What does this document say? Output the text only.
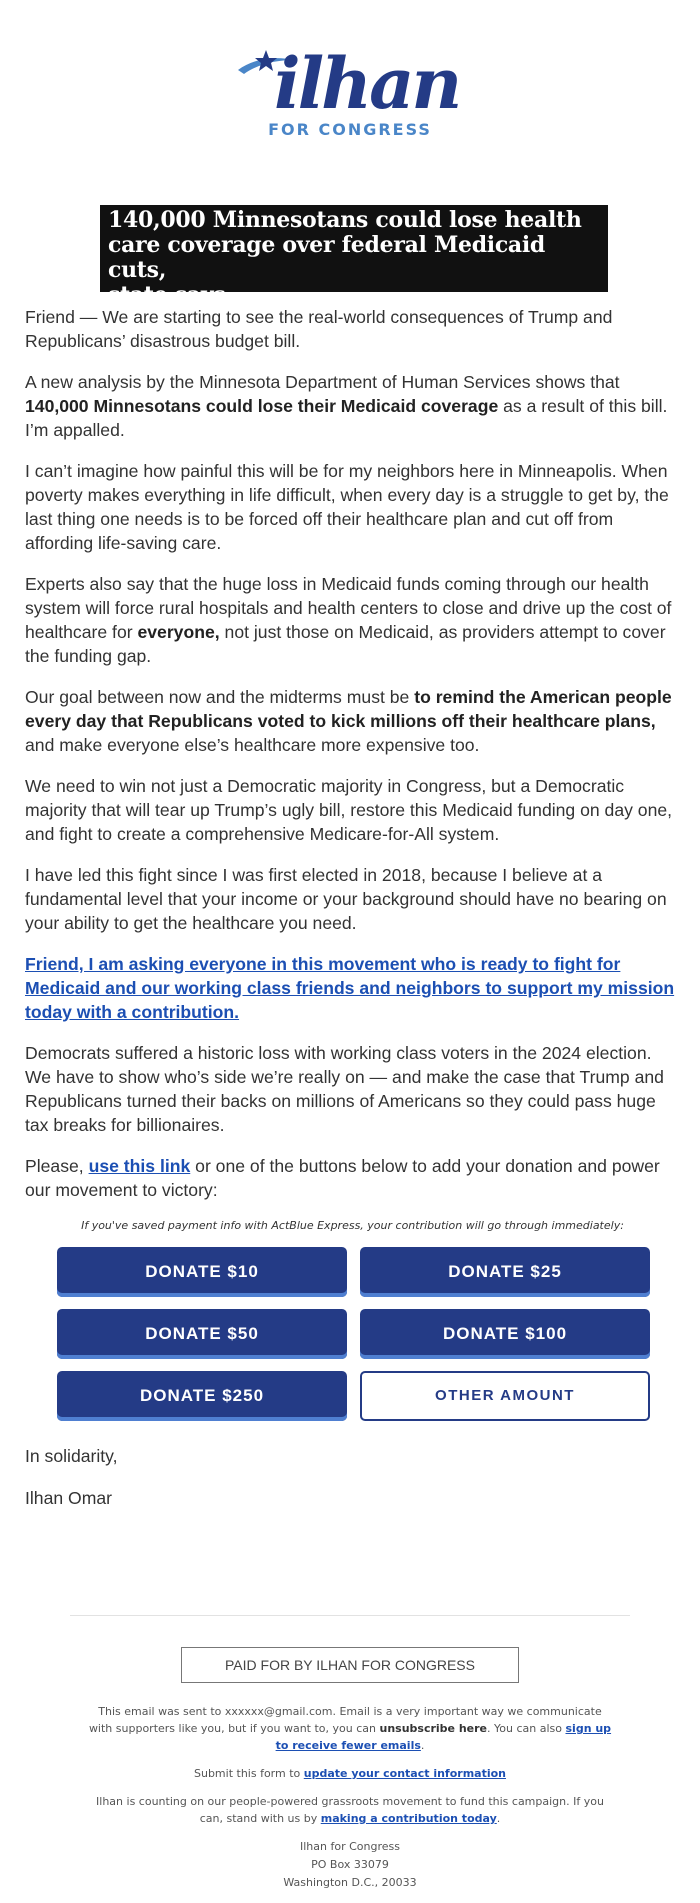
ilhan
FOR CONGRESS
140,000 Minnesotans could lose health
care coverage over federal Medicaid cuts,
state says

Friend — We are starting to see the real-world consequences of Trump and Republicans’ disastrous budget bill.

A new analysis by the Minnesota Department of Human Services shows that 140,000 Minnesotans could lose their Medicaid coverage as a result of this bill. I’m appalled.

I can’t imagine how painful this will be for my neighbors here in Minneapolis. When poverty makes everything in life difficult, when every day is a struggle to get by, the last thing one needs is to be forced off their healthcare plan and cut off from affording life-saving care.

Experts also say that the huge loss in Medicaid funds coming through our health system will force rural hospitals and health centers to close and drive up the cost of healthcare for everyone, not just those on Medicaid, as providers attempt to cover the funding gap.

Our goal between now and the midterms must be to remind the American people every day that Republicans voted to kick millions off their healthcare plans, and make everyone else’s healthcare more expensive too.

We need to win not just a Democratic majority in Congress, but a Democratic majority that will tear up Trump’s ugly bill, restore this Medicaid funding on day one, and fight to create a comprehensive Medicare-for-All system.

I have led this fight since I was first elected in 2018, because I believe at a fundamental level that your income or your background should have no bearing on your ability to get the healthcare you need.

Friend, I am asking everyone in this movement who is ready to fight for Medicaid and our working class friends and neighbors to support my mission today with a contribution.

Democrats suffered a historic loss with working class voters in the 2024 election. We have to show who’s side we’re really on — and make the case that Trump and Republicans turned their backs on millions of Americans so they could pass huge tax breaks for billionaires.

Please, use this link or one of the buttons below to add your donation and power our movement to victory:

If you've saved payment info with ActBlue Express, your contribution will go through immediately:
DONATE $10	DONATE $25
DONATE $50	DONATE $100
DONATE $250	OTHER AMOUNT

In solidarity,

Ilhan Omar

PAID FOR BY ILHAN FOR CONGRESS

This email was sent to xxxxxx@gmail.com. Email is a very important way we communicate with supporters like you, but if you want to, you can unsubscribe here. You can also sign up to receive fewer emails.

Submit this form to update your contact information

Ilhan is counting on our people-powered grassroots movement to fund this campaign. If you can, stand with us by making a contribution today.

Ilhan for Congress
PO Box 33079
Washington D.C., 20033
